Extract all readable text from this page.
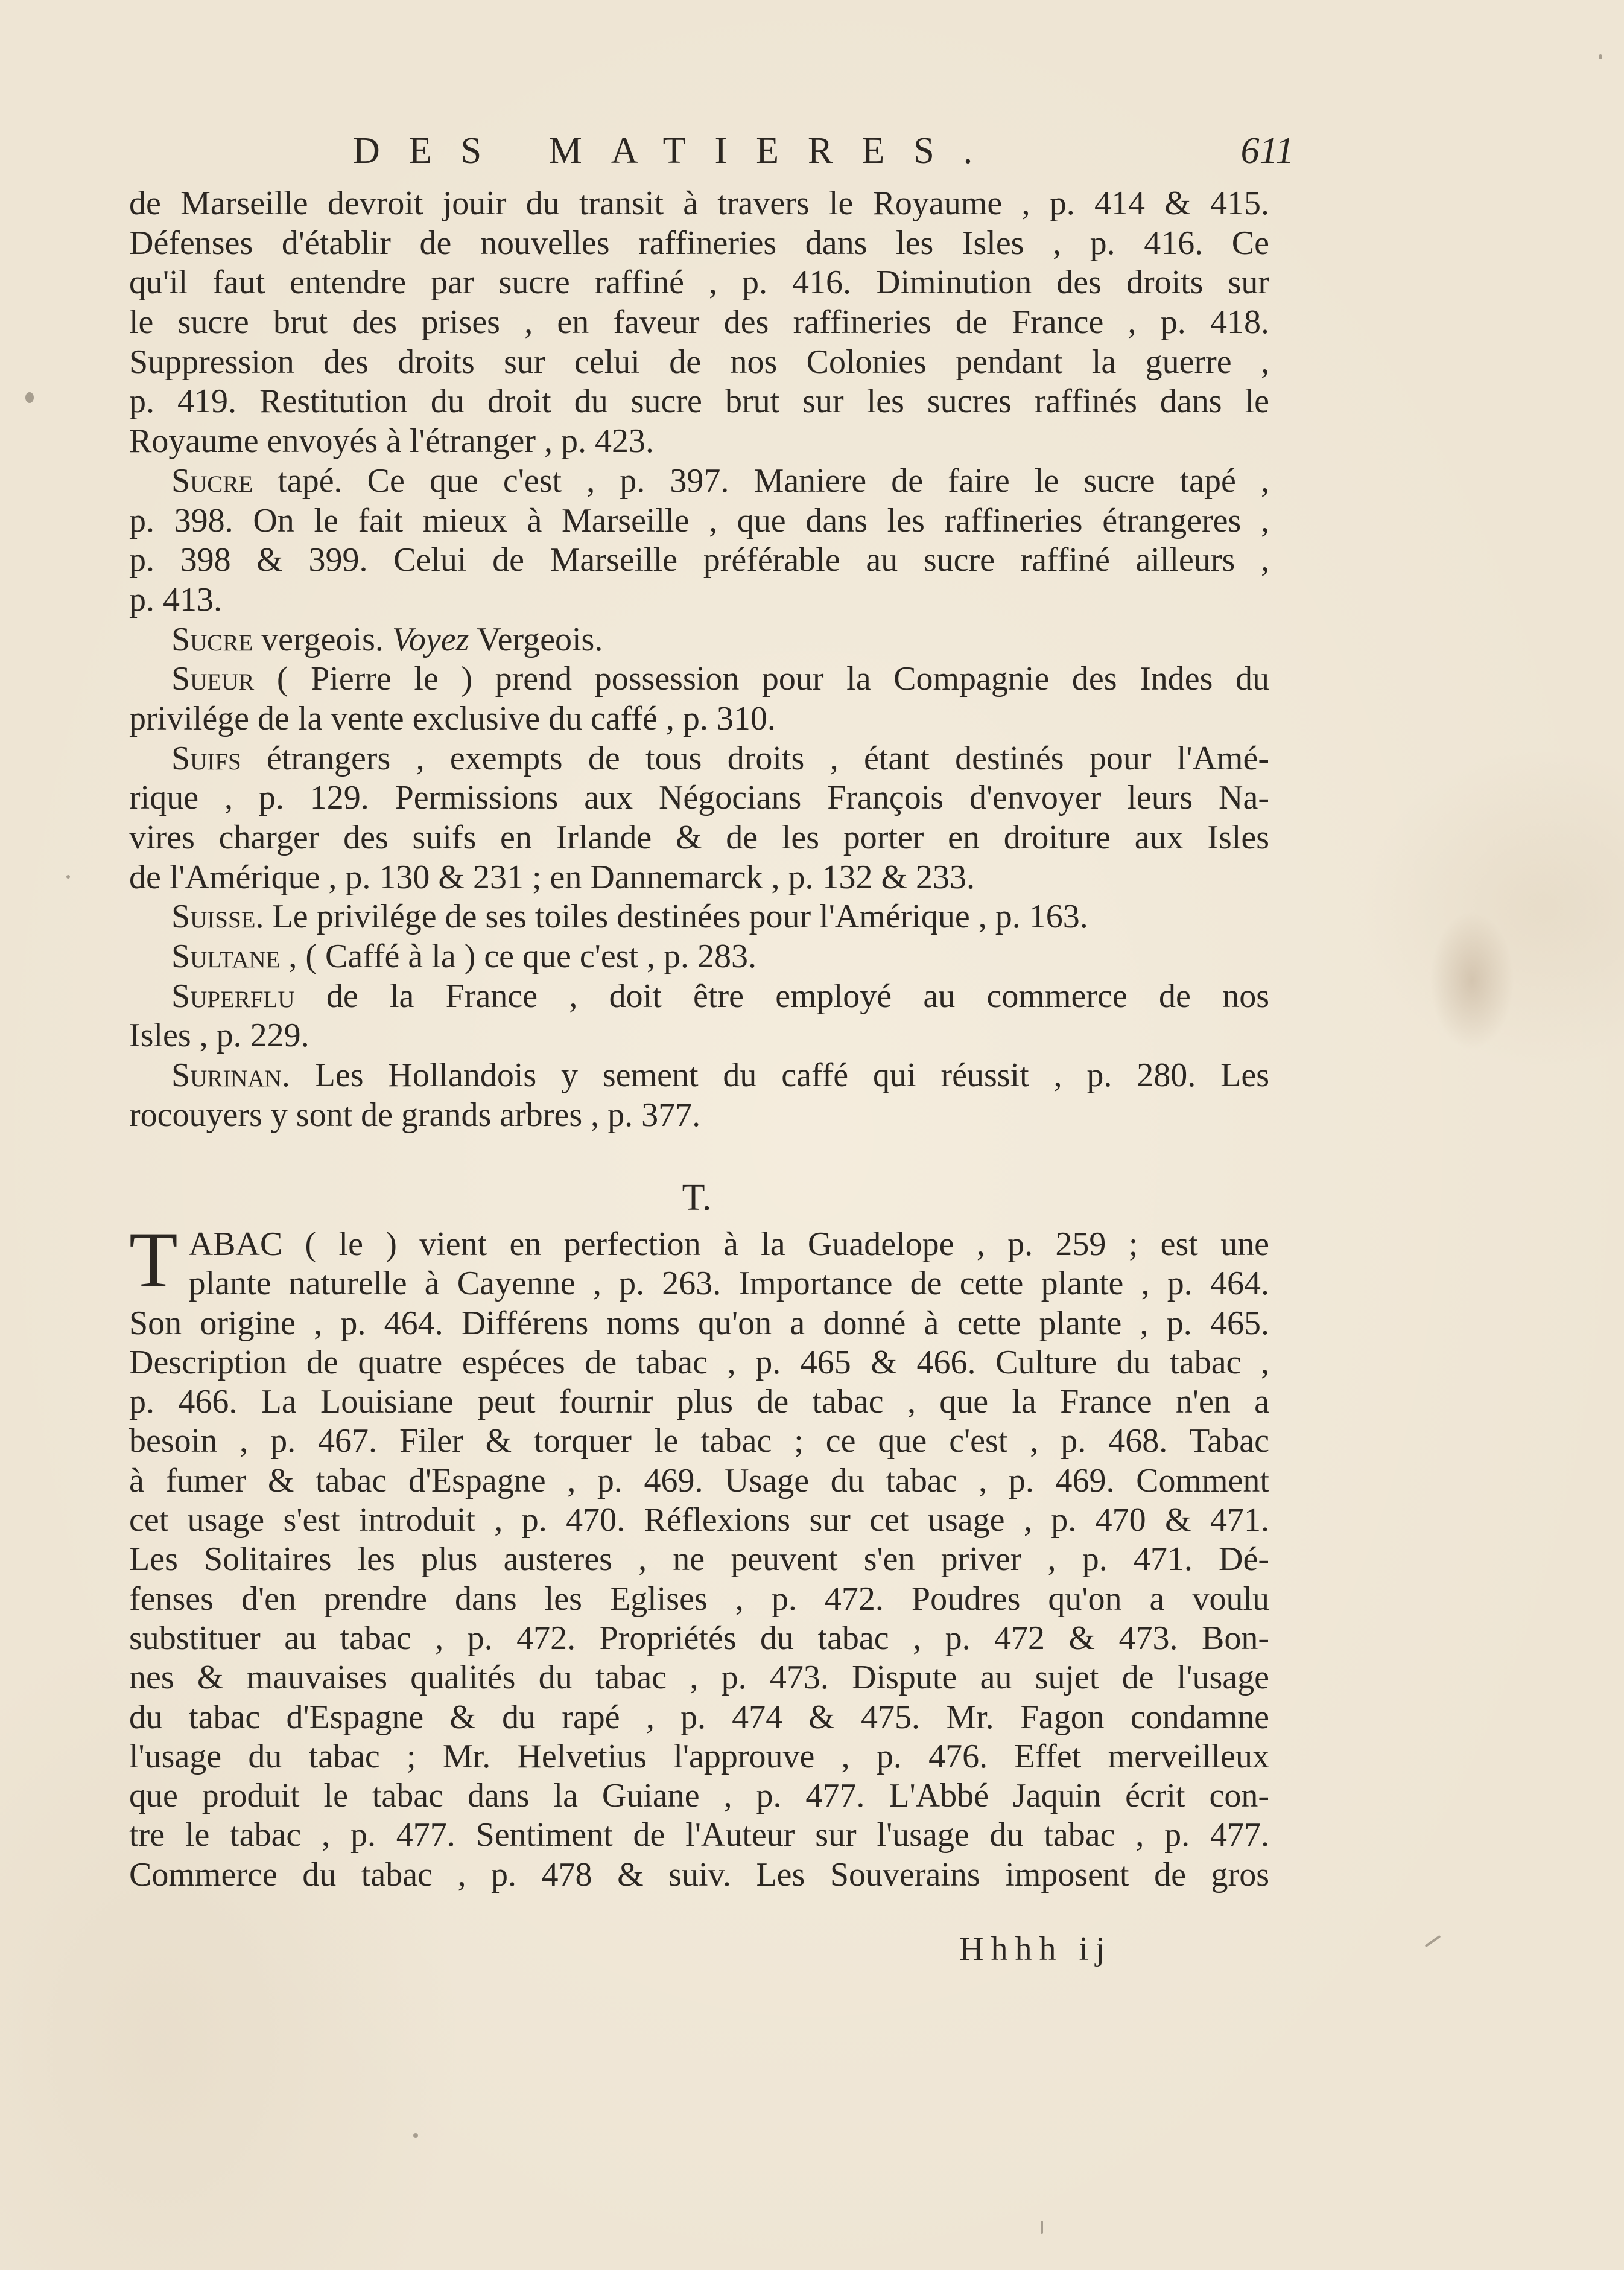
DES MATIERES.	611
de Marseille devroit jouir du transit à travers le Royaume , p. 414 & 415.
Défenses d'établir de nouvelles raffineries dans les Isles , p. 416. Ce
qu'il faut entendre par sucre raffiné , p. 416. Diminution des droits sur
le sucre brut des prises , en faveur des raffineries de France , p. 418.
Suppression des droits sur celui de nos Colonies pendant la guerre ,
p. 419. Restitution du droit du sucre brut sur les sucres raffinés dans le
Royaume envoyés à l'étranger , p. 423.
Sucre tapé. Ce que c'est , p. 397. Maniere de faire le sucre tapé ,
p. 398. On le fait mieux à Marseille , que dans les raffineries étrangeres ,
p. 398 & 399. Celui de Marseille préférable au sucre raffiné ailleurs ,
p. 413.
Sucre vergeois. Voyez Vergeois.
Sueur ( Pierre le ) prend possession pour la Compagnie des Indes du
privilége de la vente exclusive du caffé , p. 310.
Suifs étrangers , exempts de tous droits , étant destinés pour l'Amé-
rique , p. 129. Permissions aux Négocians François d'envoyer leurs Na-
vires charger des suifs en Irlande & de les porter en droiture aux Isles
de l'Amérique , p. 130 & 231 ; en Dannemarck , p. 132 & 233.
Suisse. Le privilége de ses toiles destinées pour l'Amérique , p. 163.
Sultane , ( Caffé à la ) ce que c'est , p. 283.
Superflu de la France , doit être employé au commerce de nos
Isles , p. 229.
Surinan. Les Hollandois y sement du caffé qui réussit , p. 280. Les
rocouyers y sont de grands arbres , p. 377.
T.
T ABAC ( le ) vient en perfection à la Guadelope , p. 259 ; est une
plante naturelle à Cayenne , p. 263. Importance de cette plante , p. 464.
Son origine , p. 464. Différens noms qu'on a donné à cette plante , p. 465.
Description de quatre espéces de tabac , p. 465 & 466. Culture du tabac ,
p. 466. La Louisiane peut fournir plus de tabac , que la France n'en a
besoin , p. 467. Filer & torquer le tabac ; ce que c'est , p. 468. Tabac
à fumer & tabac d'Espagne , p. 469. Usage du tabac , p. 469. Comment
cet usage s'est introduit , p. 470. Réflexions sur cet usage , p. 470 & 471.
Les Solitaires les plus austeres , ne peuvent s'en priver , p. 471. Dé-
fenses d'en prendre dans les Eglises , p. 472. Poudres qu'on a voulu
substituer au tabac , p. 472. Propriétés du tabac , p. 472 & 473. Bon-
nes & mauvaises qualités du tabac , p. 473. Dispute au sujet de l'usage
du tabac d'Espagne & du rapé , p. 474 & 475. Mr. Fagon condamne
l'usage du tabac ; Mr. Helvetius l'approuve , p. 476. Effet merveilleux
que produit le tabac dans la Guiane , p. 477. L'Abbé Jaquin écrit con-
tre le tabac , p. 477. Sentiment de l'Auteur sur l'usage du tabac , p. 477.
Commerce du tabac , p. 478 & suiv. Les Souverains imposent de gros
Hhhh ij
